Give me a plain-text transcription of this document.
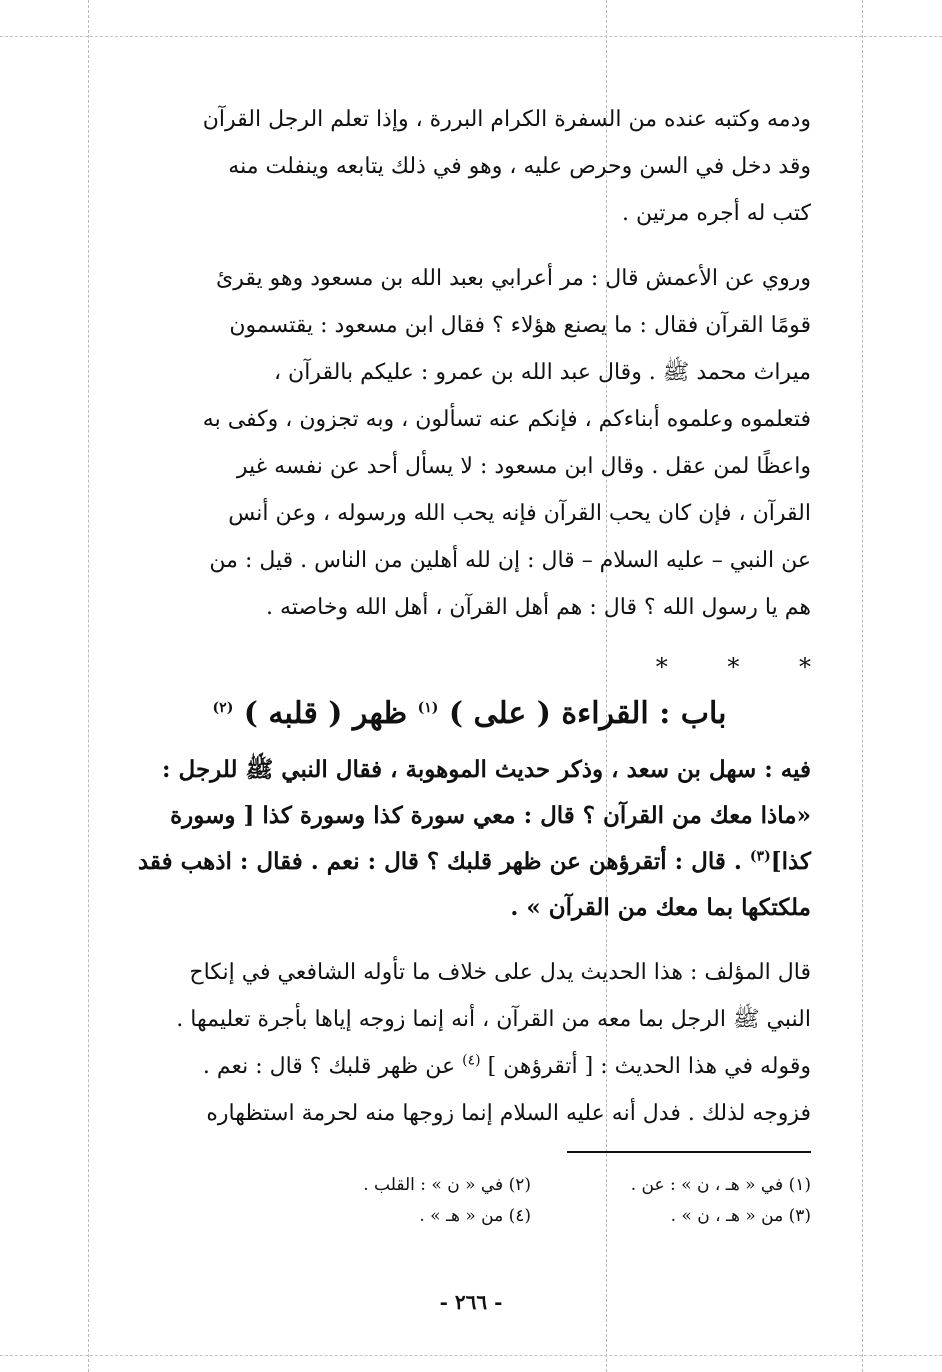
ودمه وكتبه عنده من السفرة الكرام البررة ، وإذا تعلم الرجل القرآن

وقد دخل في السن وحرص عليه ، وهو في ذلك يتابعه وينفلت منه

كتب له أجره مرتين .

وروي عن الأعمش قال : مر أعرابي بعبد الله بن مسعود وهو يقرئ

قومًا القرآن فقال : ما يصنع هؤلاء ؟ فقال ابن مسعود : يقتسمون

ميراث محمد ﷺ . وقال عبد الله بن عمرو : عليكم بالقرآن ،

فتعلموه وعلموه أبناءكم ، فإنكم عنه تسألون ، وبه تجزون ، وكفى به

واعظًا لمن عقل . وقال ابن مسعود : لا يسأل أحد عن نفسه غير

القرآن ، فإن كان يحب القرآن فإنه يحب الله ورسوله ، وعن أنس

عن النبي – عليه السلام – قال : إن لله أهلين من الناس . قيل : من

هم يا رسول الله ؟ قال : هم أهل القرآن ، أهل الله وخاصته .

* * *
باب : القراءة ( على ) $^{(١)}$ ظهر ( قلبه ) $^{(٢)}$

فيه : سهل بن سعد ، وذكر حديث الموهوبة ، فقال النبي ﷺ للرجل :

«ماذا معك من القرآن ؟ قال : معي سورة كذا وسورة كذا [ وسورة

كذا]$^{(٣)}$ . قال : أتقرؤهن عن ظهر قلبك ؟ قال : نعم . فقال : اذهب فقد

ملكتكها بما معك من القرآن » .

قال المؤلف : هذا الحديث يدل على خلاف ما تأوله الشافعي في إنكاح

النبي ﷺ الرجل بما معه من القرآن ، أنه إنما زوجه إياها بأجرة تعليمها .

وقوله في هذا الحديث : [ أتقرؤهن ] $^{(٤)}$ عن ظهر قلبك ؟ قال : نعم .

فزوجه لذلك . فدل أنه عليه السلام إنما زوجها منه لحرمة استظهاره

(١) في « هـ ، ن » : عن .
(٢) في « ن » : القلب .
(٣) من « هـ ، ن » .
(٤) من « هـ » .
- ٢٦٦ -
